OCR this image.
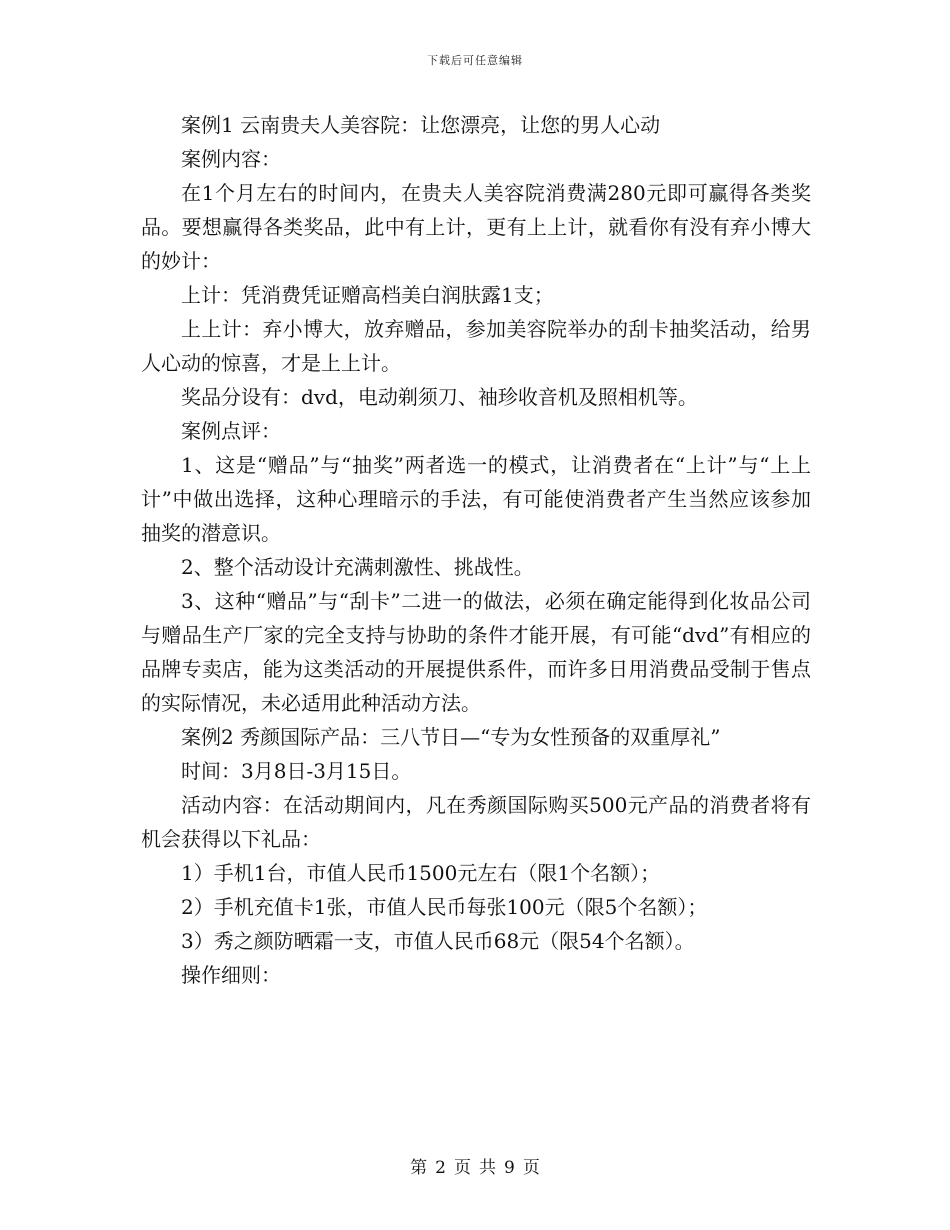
下载后可任意编辑

案例1 云南贵夫人美容院：让您漂亮，让您的男人心动

案例内容：

在1个月左右的时间内，在贵夫人美容院消费满280元即可赢得各类奖品。要想赢得各类奖品，此中有上计，更有上上计，就看你有没有弃小博大的妙计：

上计：凭消费凭证赠高档美白润肤露1支；

上上计：弃小博大，放弃赠品，参加美容院举办的刮卡抽奖活动，给男人心动的惊喜，才是上上计。

奖品分设有：dvd，电动剃须刀、袖珍收音机及照相机等。

案例点评：

1、这是“赠品”与“抽奖”两者选一的模式，让消费者在“上计”与“上上计”中做出选择，这种心理暗示的手法，有可能使消费者产生当然应该参加抽奖的潜意识。

2、整个活动设计充满刺激性、挑战性。

3、这种“赠品”与“刮卡”二进一的做法，必须在确定能得到化妆品公司与赠品生产厂家的完全支持与协助的条件才能开展，有可能“dvd”有相应的品牌专卖店，能为这类活动的开展提供系件，而许多日用消费品受制于售点的实际情况，未必适用此种活动方法。

案例2 秀颜国际产品：三八节日—“专为女性预备的双重厚礼”

时间：3月8日-3月15日。

活动内容：在活动期间内，凡在秀颜国际购买500元产品的消费者将有机会获得以下礼品：

1）手机1台，市值人民币1500元左右（限1个名额）；

2）手机充值卡1张，市值人民币每张100元（限5个名额）；

3）秀之颜防晒霜一支，市值人民币68元（限54个名额）。

操作细则：

第 2 页 共 9 页
